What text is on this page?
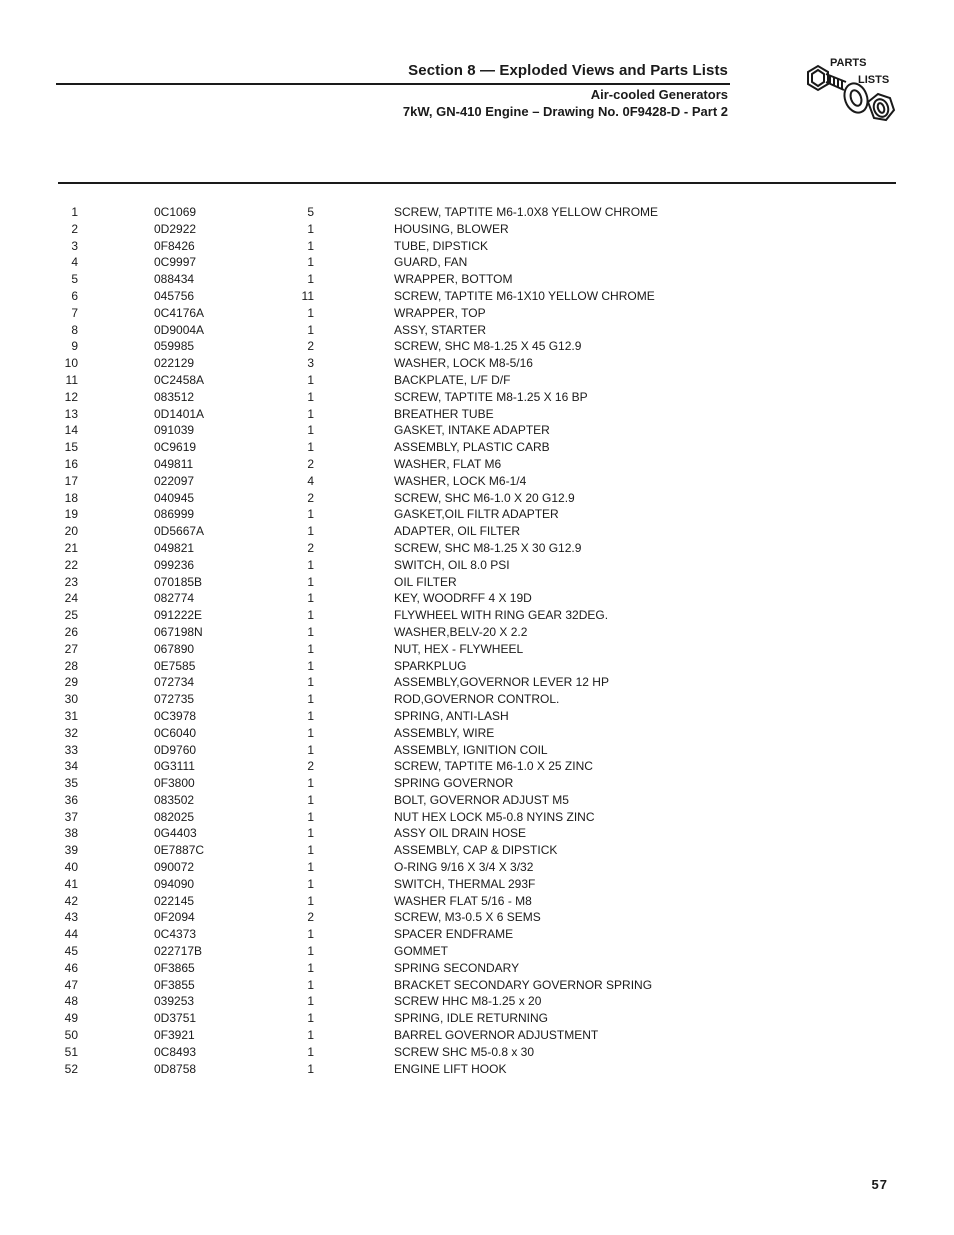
Section 8 — Exploded Views and Parts Lists
Air-cooled Generators
7kW, GN-410 Engine – Drawing No. 0F9428-D - Part 2
PARTS
LISTS
1	0C1069	5	SCREW, TAPTITE M6-1.0X8 YELLOW CHROME
2	0D2922	1	HOUSING, BLOWER
3	0F8426	1	TUBE, DIPSTICK
4	0C9997	1	GUARD, FAN
5	088434	1	WRAPPER, BOTTOM
6	045756	11	SCREW, TAPTITE M6-1X10 YELLOW CHROME
7	0C4176A	1	WRAPPER, TOP
8	0D9004A	1	ASSY, STARTER
9	059985	2	SCREW, SHC M8-1.25 X 45 G12.9
10	022129	3	WASHER, LOCK M8-5/16
11	0C2458A	1	BACKPLATE, L/F D/F
12	083512	1	SCREW, TAPTITE M8-1.25 X 16 BP
13	0D1401A	1	BREATHER TUBE
14	091039	1	GASKET, INTAKE ADAPTER
15	0C9619	1	ASSEMBLY, PLASTIC CARB
16	049811	2	WASHER, FLAT M6
17	022097	4	WASHER, LOCK M6-1/4
18	040945	2	SCREW, SHC M6-1.0 X 20 G12.9
19	086999	1	GASKET,OIL FILTR ADAPTER
20	0D5667A	1	ADAPTER, OIL FILTER
21	049821	2	SCREW, SHC M8-1.25 X 30 G12.9
22	099236	1	SWITCH, OIL 8.0 PSI
23	070185B	1	OIL FILTER
24	082774	1	KEY, WOODRFF 4 X 19D
25	091222E	1	FLYWHEEL WITH RING GEAR 32DEG.
26	067198N	1	WASHER,BELV-20 X 2.2
27	067890	1	NUT, HEX - FLYWHEEL
28	0E7585	1	SPARKPLUG
29	072734	1	ASSEMBLY,GOVERNOR LEVER 12 HP
30	072735	1	ROD,GOVERNOR CONTROL.
31	0C3978	1	SPRING, ANTI-LASH
32	0C6040	1	ASSEMBLY, WIRE
33	0D9760	1	ASSEMBLY, IGNITION COIL
34	0G3111	2	SCREW, TAPTITE M6-1.0 X 25 ZINC
35	0F3800	1	SPRING GOVERNOR
36	083502	1	BOLT, GOVERNOR ADJUST M5
37	082025	1	NUT HEX LOCK M5-0.8 NYINS ZINC
38	0G4403	1	ASSY OIL DRAIN HOSE
39	0E7887C	1	ASSEMBLY, CAP & DIPSTICK
40	090072	1	O-RING 9/16 X 3/4 X 3/32
41	094090	1	SWITCH, THERMAL 293F
42	022145	1	WASHER FLAT 5/16 - M8
43	0F2094	2	SCREW, M3-0.5 X 6 SEMS
44	0C4373	1	SPACER ENDFRAME
45	022717B	1	GOMMET
46	0F3865	1	SPRING SECONDARY
47	0F3855	1	BRACKET SECONDARY GOVERNOR SPRING
48	039253	1	SCREW HHC M8-1.25 x 20
49	0D3751	1	SPRING, IDLE RETURNING
50	0F3921	1	BARREL GOVERNOR ADJUSTMENT
51	0C8493	1	SCREW SHC M5-0.8 x 30
52	0D8758	1	ENGINE LIFT HOOK
57
